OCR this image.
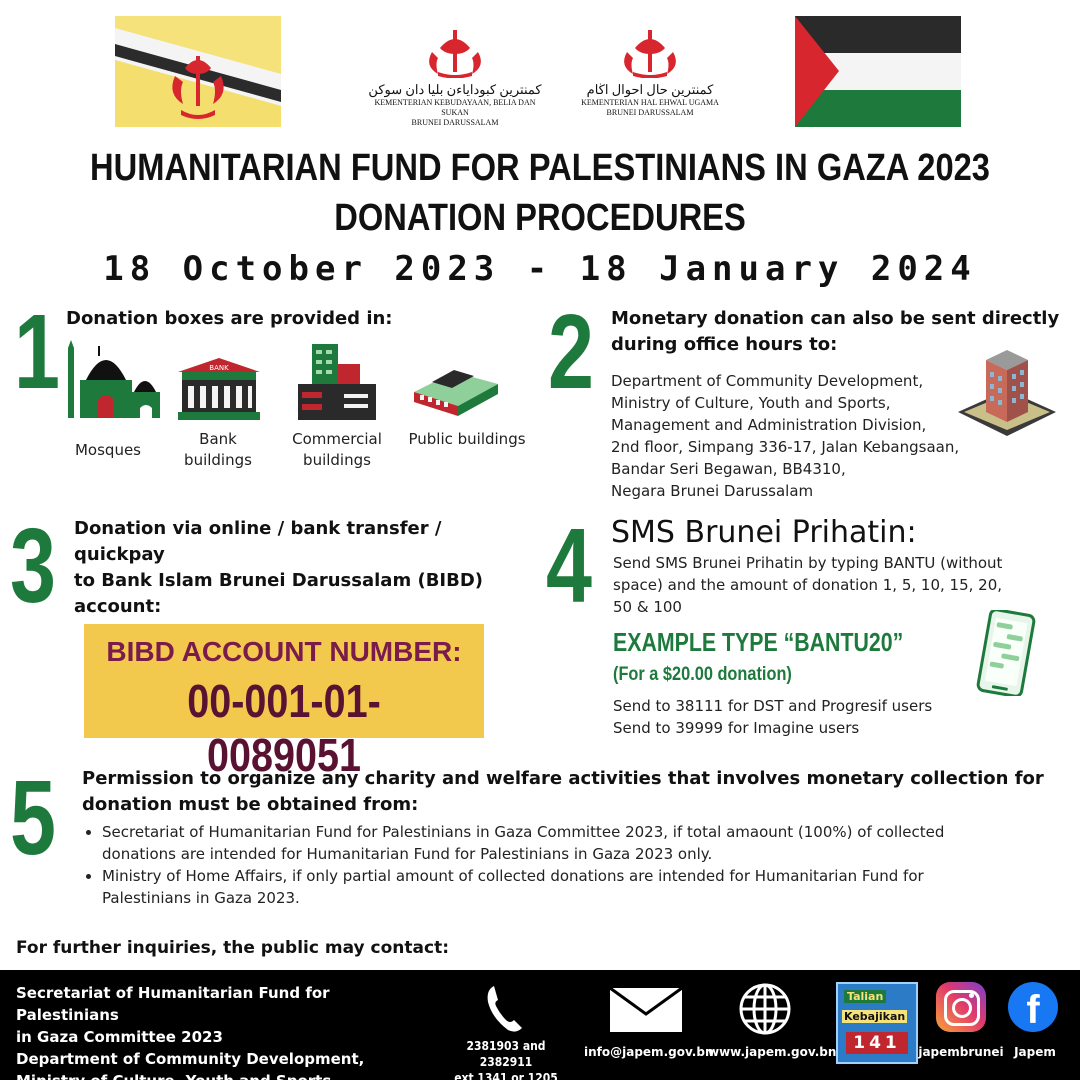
كمنترين كبوداياءن بليا دان سوكن
KEMENTERIAN KEBUDAYAAN, BELIA DAN SUKAN
BRUNEI DARUSSALAM
كمنترين حال احوال اڬام
KEMENTERIAN HAL EHWAL UGAMA
BRUNEI DARUSSALAM
HUMANITARIAN FUND FOR PALESTINIANS IN GAZA 2023
DONATION PROCEDURES
18 October 2023 - 18 January 2024
1 Donation boxes are provided in:
BANK
Mosques
Bank
buildings
Commercial
buildings
Public buildings
2 Monetary donation can also be sent directly
during office hours to:
Department of Community Development,
Ministry of Culture, Youth and Sports,
Management and Administration Division,
2nd floor, Simpang 336-17, Jalan Kebangsaan,
Bandar Seri Begawan, BB4310,
Negara Brunei Darussalam
3 Donation via online / bank transfer / quickpay
to Bank Islam Brunei Darussalam (BIBD)
account:
BIBD ACCOUNT NUMBER:
00-001-01-0089051
4 SMS Brunei Prihatin:
Send SMS Brunei Prihatin by typing BANTU (without
space) and the amount of donation 1, 5, 10, 15, 20,
50 & 100
EXAMPLE TYPE “BANTU20”
(For a $20.00 donation)
Send to 38111 for DST and Progresif users
Send to 39999 for Imagine users
5 Permission to organize any charity and welfare activities that involves monetary collection for
donation must be obtained from:
• Secretariat of Humanitarian Fund for Palestinians in Gaza Committee 2023, if total amaount (100%) of collected
donations are intended for Humanitarian Fund for Palestinians in Gaza 2023 only.
• Ministry of Home Affairs, if only partial amount of collected donations are intended for Humanitarian Fund for
Palestinians in Gaza 2023.
For further inquiries, the public may contact:
Secretariat of Humanitarian Fund for Palestinians
in Gaza Committee 2023
Department of Community Development,
Ministry of Culture, Youth and Sports
2381903 and 2382911
ext 1341 or 1205
info@japem.gov.bn
www.japem.gov.bn
Talian
Kebajikan
141	japembrunei
f
Japem
